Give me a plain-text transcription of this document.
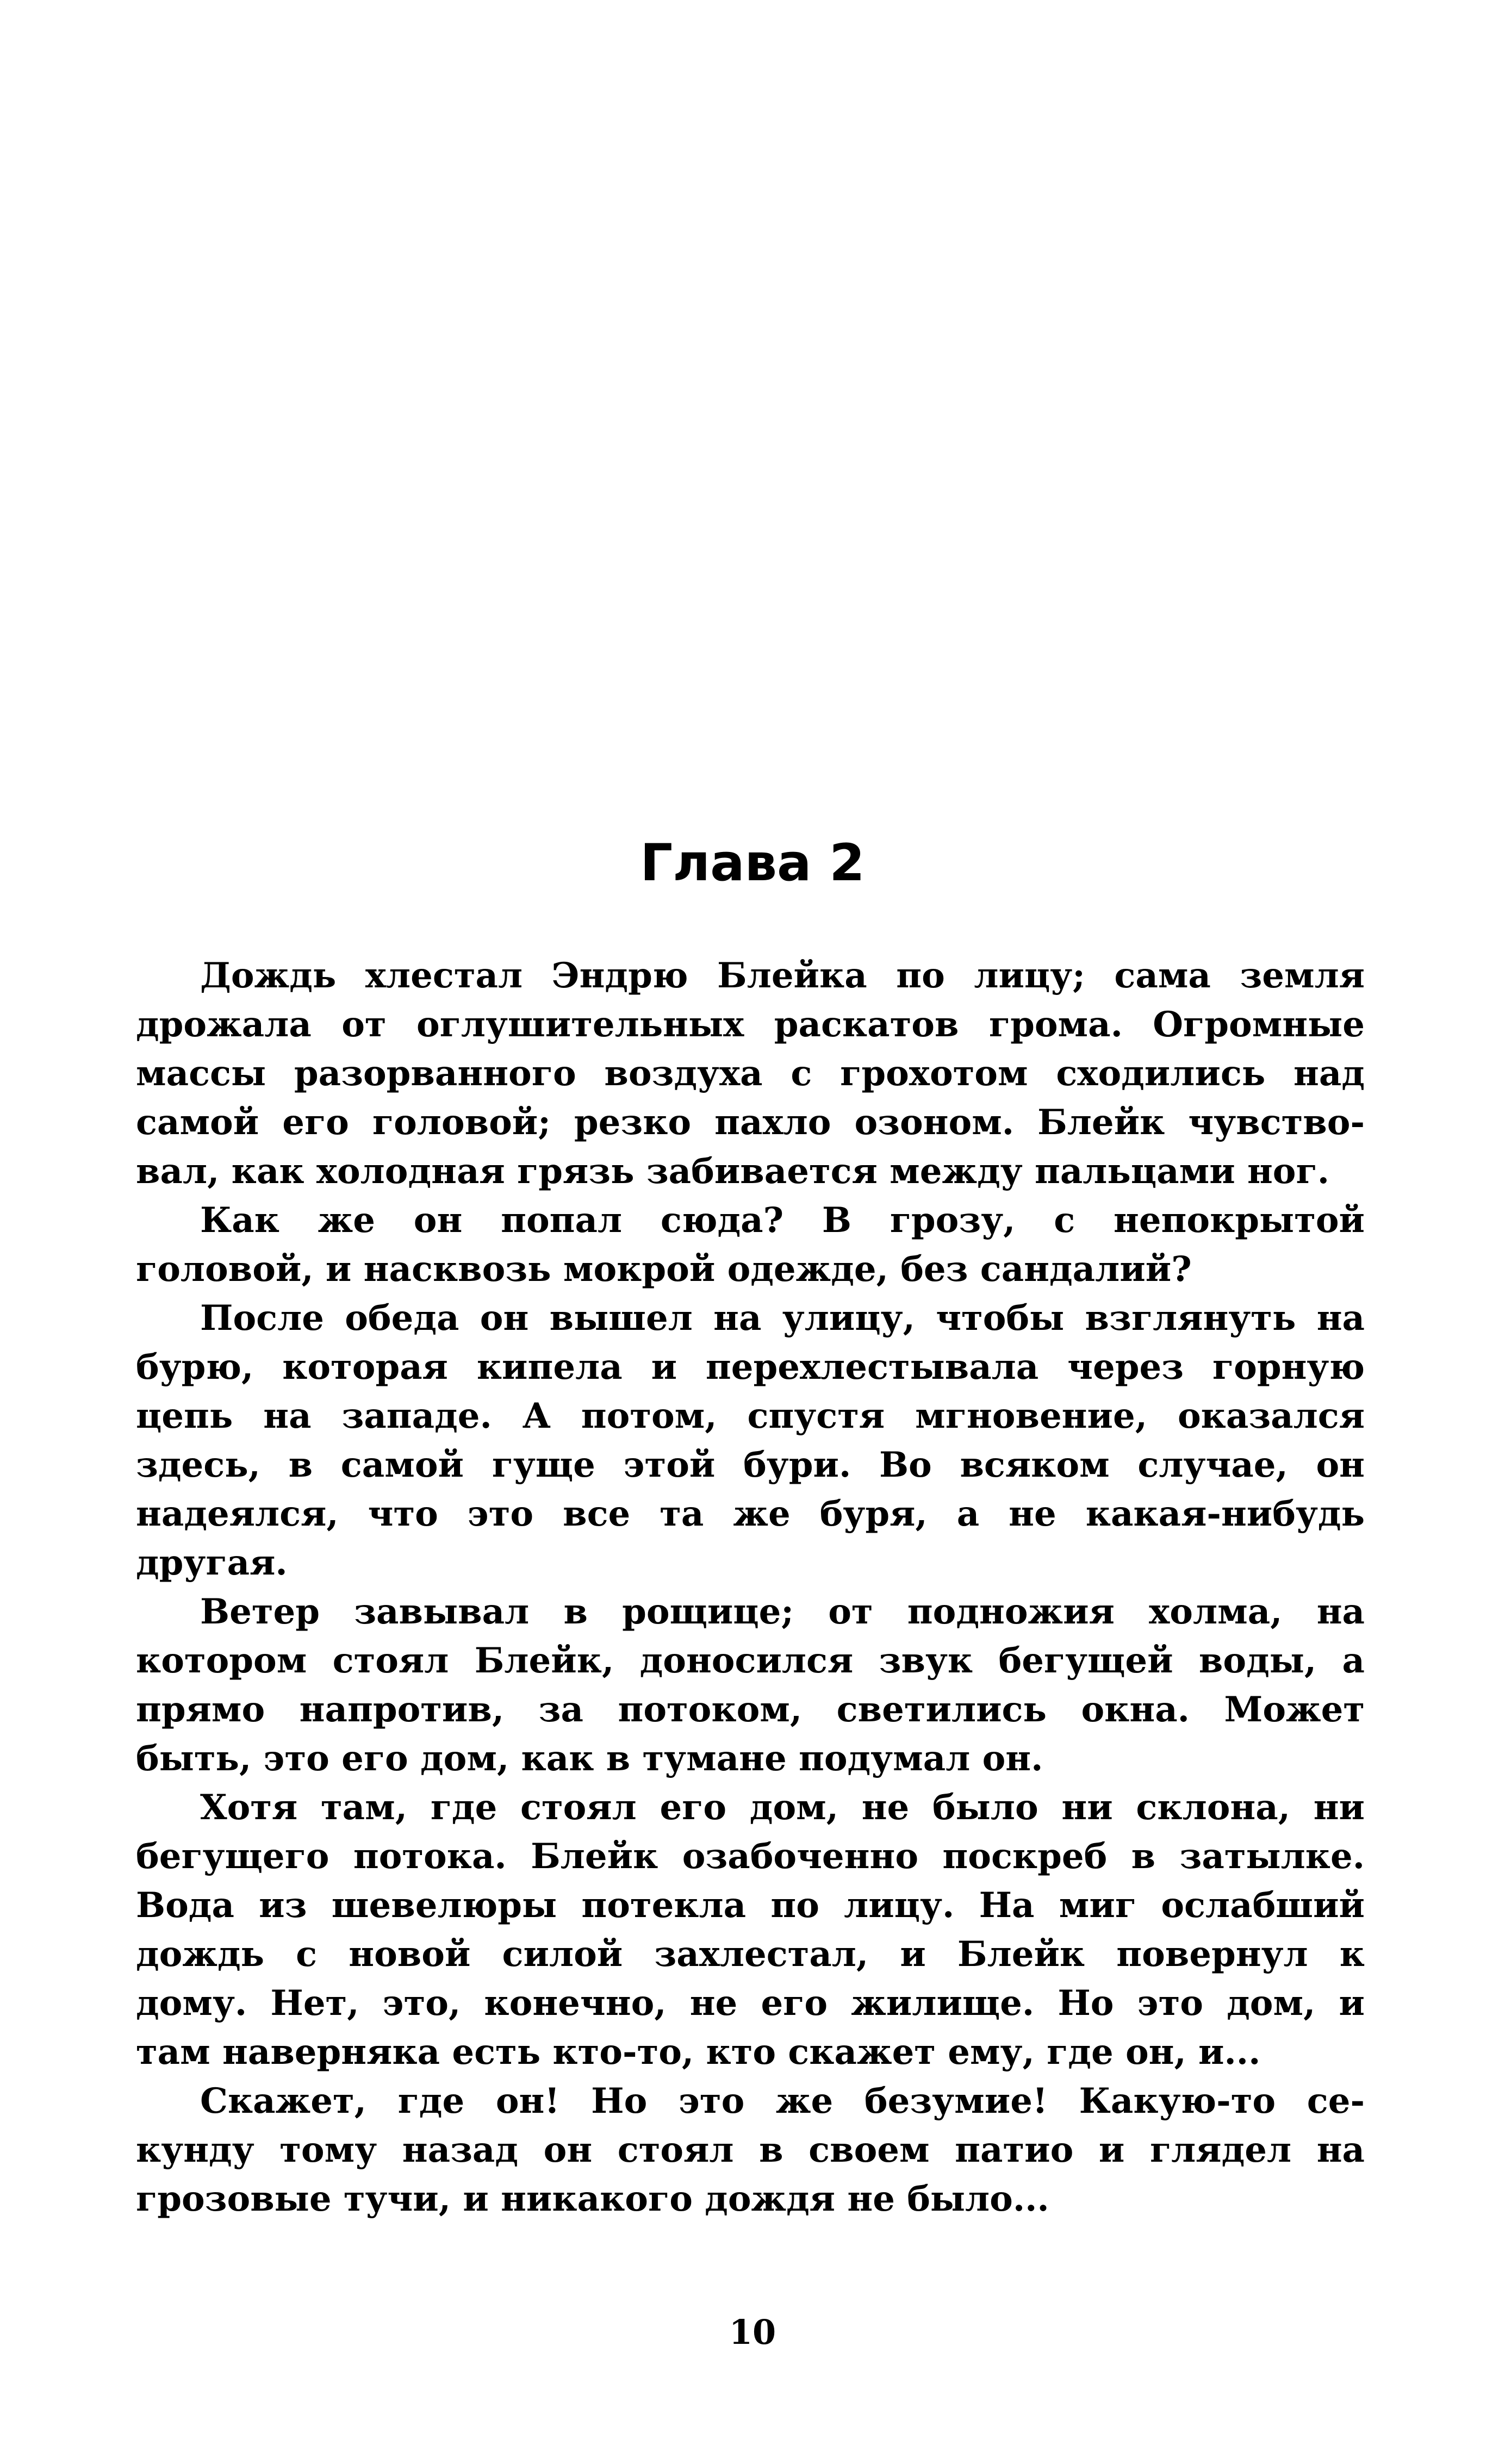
Глава 2
Дождь хлестал Эндрю Блейка по лицу; сама земля
дрожала от оглушительных раскатов грома. Огромные
массы разорванного воздуха с грохотом сходились над
самой его головой; резко пахло озоном. Блейк чувство-
вал, как холодная грязь забивается между пальцами ног.
Как же он попал сюда? В грозу, с непокрытой
головой, и насквозь мокрой одежде, без сандалий?
После обеда он вышел на улицу, чтобы взглянуть на
бурю, которая кипела и перехлестывала через горную
цепь на западе. А потом, спустя мгновение, оказался
здесь, в самой гуще этой бури. Во всяком случае, он
надеялся, что это все та же буря, а не какая-нибудь
другая.
Ветер завывал в рощице; от подножия холма, на
котором стоял Блейк, доносился звук бегущей воды, а
прямо напротив, за потоком, светились окна. Может
быть, это его дом, как в тумане подумал он.
Хотя там, где стоял его дом, не было ни склона, ни
бегущего потока. Блейк озабоченно поскреб в затылке.
Вода из шевелюры потекла по лицу. На миг ослабший
дождь с новой силой захлестал, и Блейк повернул к
дому. Нет, это, конечно, не его жилище. Но это дом, и
там наверняка есть кто-то, кто скажет ему, где он, и...
Скажет, где он! Но это же безумие! Какую-то се-
кунду тому назад он стоял в своем патио и глядел на
грозовые тучи, и никакого дождя не было...
10
